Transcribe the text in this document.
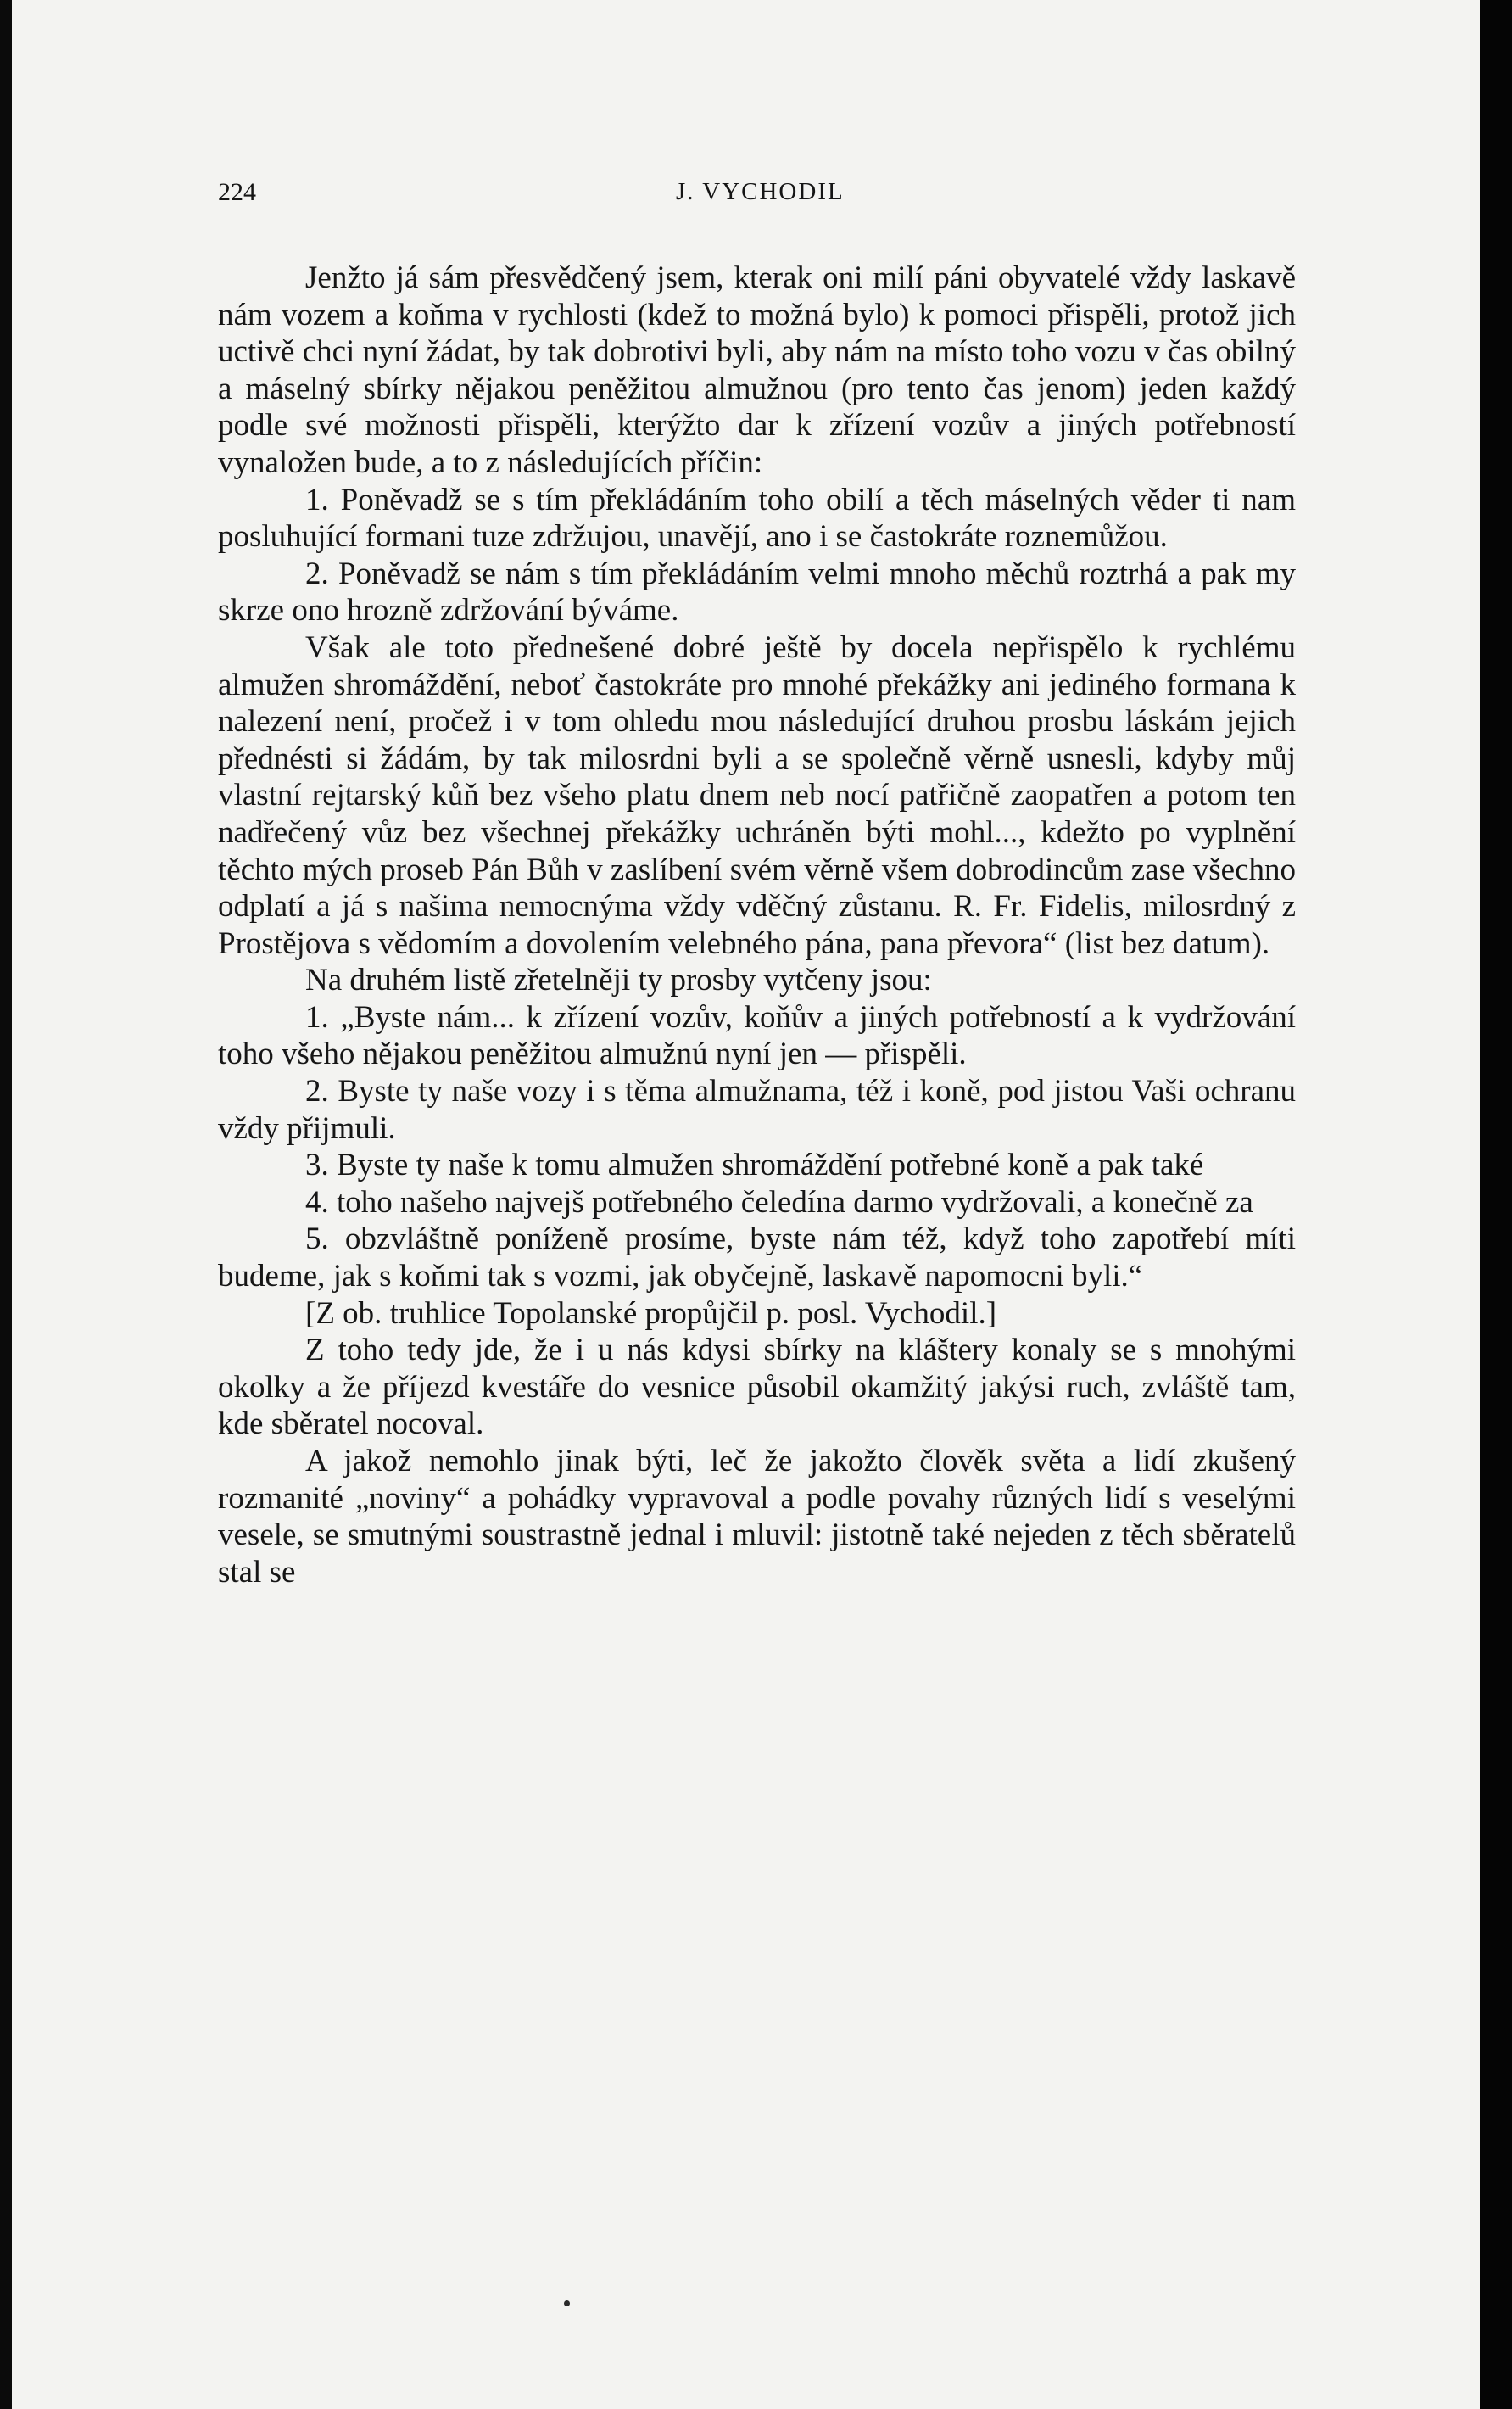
224	J. VYCHODIL

Jenžto já sám přesvědčený jsem, kterak oni milí páni obyvatelé vždy laskavě nám vozem a koňma v rychlosti (kdež to možná bylo) k pomoci přispěli, protož jich uctivě chci nyní žádat, by tak dobrotivi byli, aby nám na místo toho vozu v čas obilný a máselný sbírky nějakou peněžitou almužnou (pro tento čas jenom) jeden každý podle své možnosti přispěli, kterýžto dar k zřízení vozův a jiných potřebností vynaložen bude, a to z následujících příčin:

1. Poněvadž se s tím překládáním toho obilí a těch máselných věder ti nam posluhující formani tuze zdržujou, unavějí, ano i se častokráte roznemůžou.

2. Poněvadž se nám s tím překládáním velmi mnoho měchů roztrhá a pak my skrze ono hrozně zdržování býváme.

Však ale toto přednešené dobré ještě by docela nepřispělo k rychlému almužen shromáždění, neboť častokráte pro mnohé překážky ani jediného formana k nalezení není, pročež i v tom ohledu mou následující druhou prosbu láskám jejich přednésti si žádám, by tak milosrdni byli a se společně věrně usnesli, kdyby můj vlastní rejtarský kůň bez všeho platu dnem neb nocí patřičně zaopatřen a potom ten nadřečený vůz bez všechnej překážky uchráněn býti mohl..., kdežto po vyplnění těchto mých proseb Pán Bůh v zaslíbení svém věrně všem dobrodincům zase všechno odplatí a já s našima nemocnýma vždy vděčný zůstanu. R. Fr. Fidelis, milosrdný z Prostějova s vědomím a dovolením velebného pána, pana převora“ (list bez datum).

Na druhém listě zřetelněji ty prosby vytčeny jsou:

1. „Byste nám... k zřízení vozův, koňův a jiných potřebností a k vydržování toho všeho nějakou peněžitou almužnú nyní jen — přispěli.

2. Byste ty naše vozy i s těma almužnama, též i koně, pod jistou Vaši ochranu vždy přijmuli.

3. Byste ty naše k tomu almužen shromáždění potřebné koně a pak také

4. toho našeho najvejš potřebného čeledína darmo vydržovali, a konečně za

5. obzvláštně poníženě prosíme, byste nám též, když toho zapotřebí míti budeme, jak s koňmi tak s vozmi, jak obyčejně, laskavě napomocni byli.“

[Z ob. truhlice Topolanské propůjčil p. posl. Vychodil.]

Z toho tedy jde, že i u nás kdysi sbírky na kláštery konaly se s mnohými okolky a že příjezd kvestáře do vesnice působil okamžitý jakýsi ruch, zvláště tam, kde sběratel nocoval.

A jakož nemohlo jinak býti, leč že jakožto člověk světa a lidí zkušený rozmanité „noviny“ a pohádky vypravoval a podle povahy různých lidí s veselými vesele, se smutnými soustrastně jednal i mluvil: jistotně také nejeden z těch sběratelů stal se
